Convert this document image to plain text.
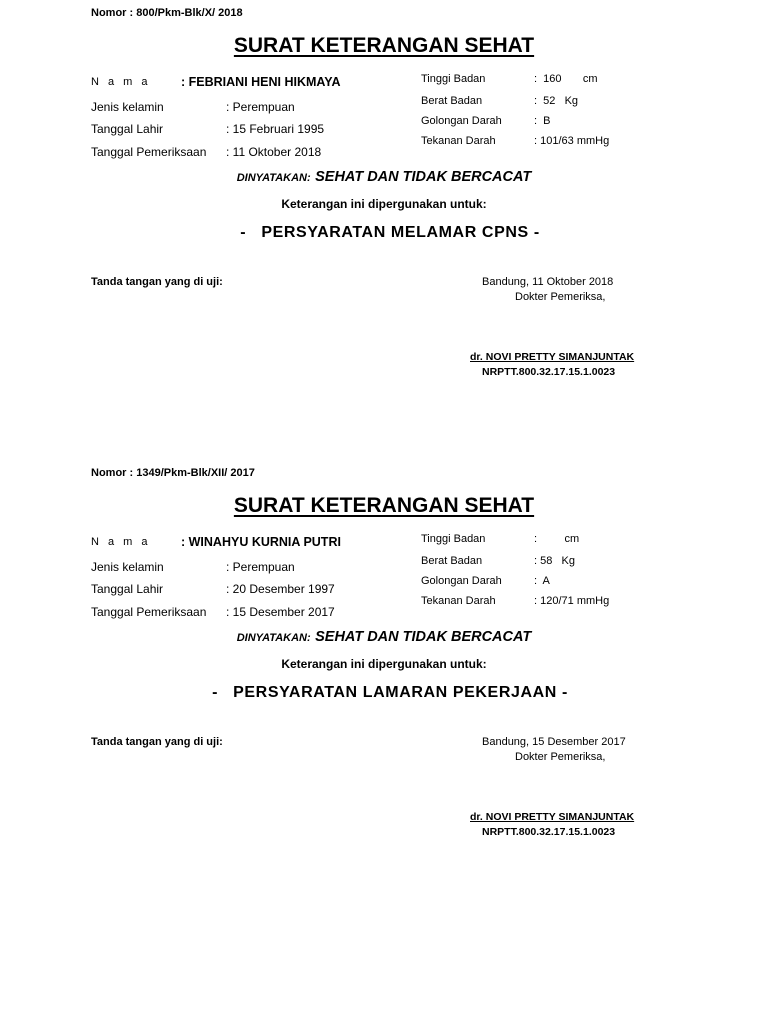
Nomor : 800/Pkm-Blk/X/ 2018
SURAT KETERANGAN SEHAT
N a m a : FEBRIANI HENI HIKMAYA
Jenis kelamin	: Perempuan
Tanggal Lahir	: 15 Februari 1995
Tanggal Pemeriksaan : 11 Oktober 2018
Tinggi Badan	:  160       cm
Berat Badan	:  52   Kg
Golongan Darah	:  B
Tekanan Darah	: 101/63 mmHg
DINYATAKAN: SEHAT DAN TIDAK BERCACAT
Keterangan ini dipergunakan untuk:
-   PERSYARATAN MELAMAR CPNS -
Tanda tangan yang di uji:	Bandung, 11 Oktober 2018
Dokter Pemeriksa,
dr. NOVI PRETTY SIMANJUNTAK
NRPTT.800.32.17.15.1.0023
Nomor : 1349/Pkm-Blk/XII/ 2017
SURAT KETERANGAN SEHAT
N a m a : WINAHYU KURNIA PUTRI
Jenis kelamin	: Perempuan
Tanggal Lahir	: 20 Desember 1997
Tanggal Pemeriksaan : 15 Desember 2017
Tinggi Badan	:         cm
Berat Badan	: 58   Kg
Golongan Darah	:  A
Tekanan Darah	: 120/71 mmHg
DINYATAKAN: SEHAT DAN TIDAK BERCACAT
Keterangan ini dipergunakan untuk:
-   PERSYARATAN LAMARAN PEKERJAAN -
Tanda tangan yang di uji:	Bandung, 15 Desember 2017
Dokter Pemeriksa,
dr. NOVI PRETTY SIMANJUNTAK
NRPTT.800.32.17.15.1.0023
